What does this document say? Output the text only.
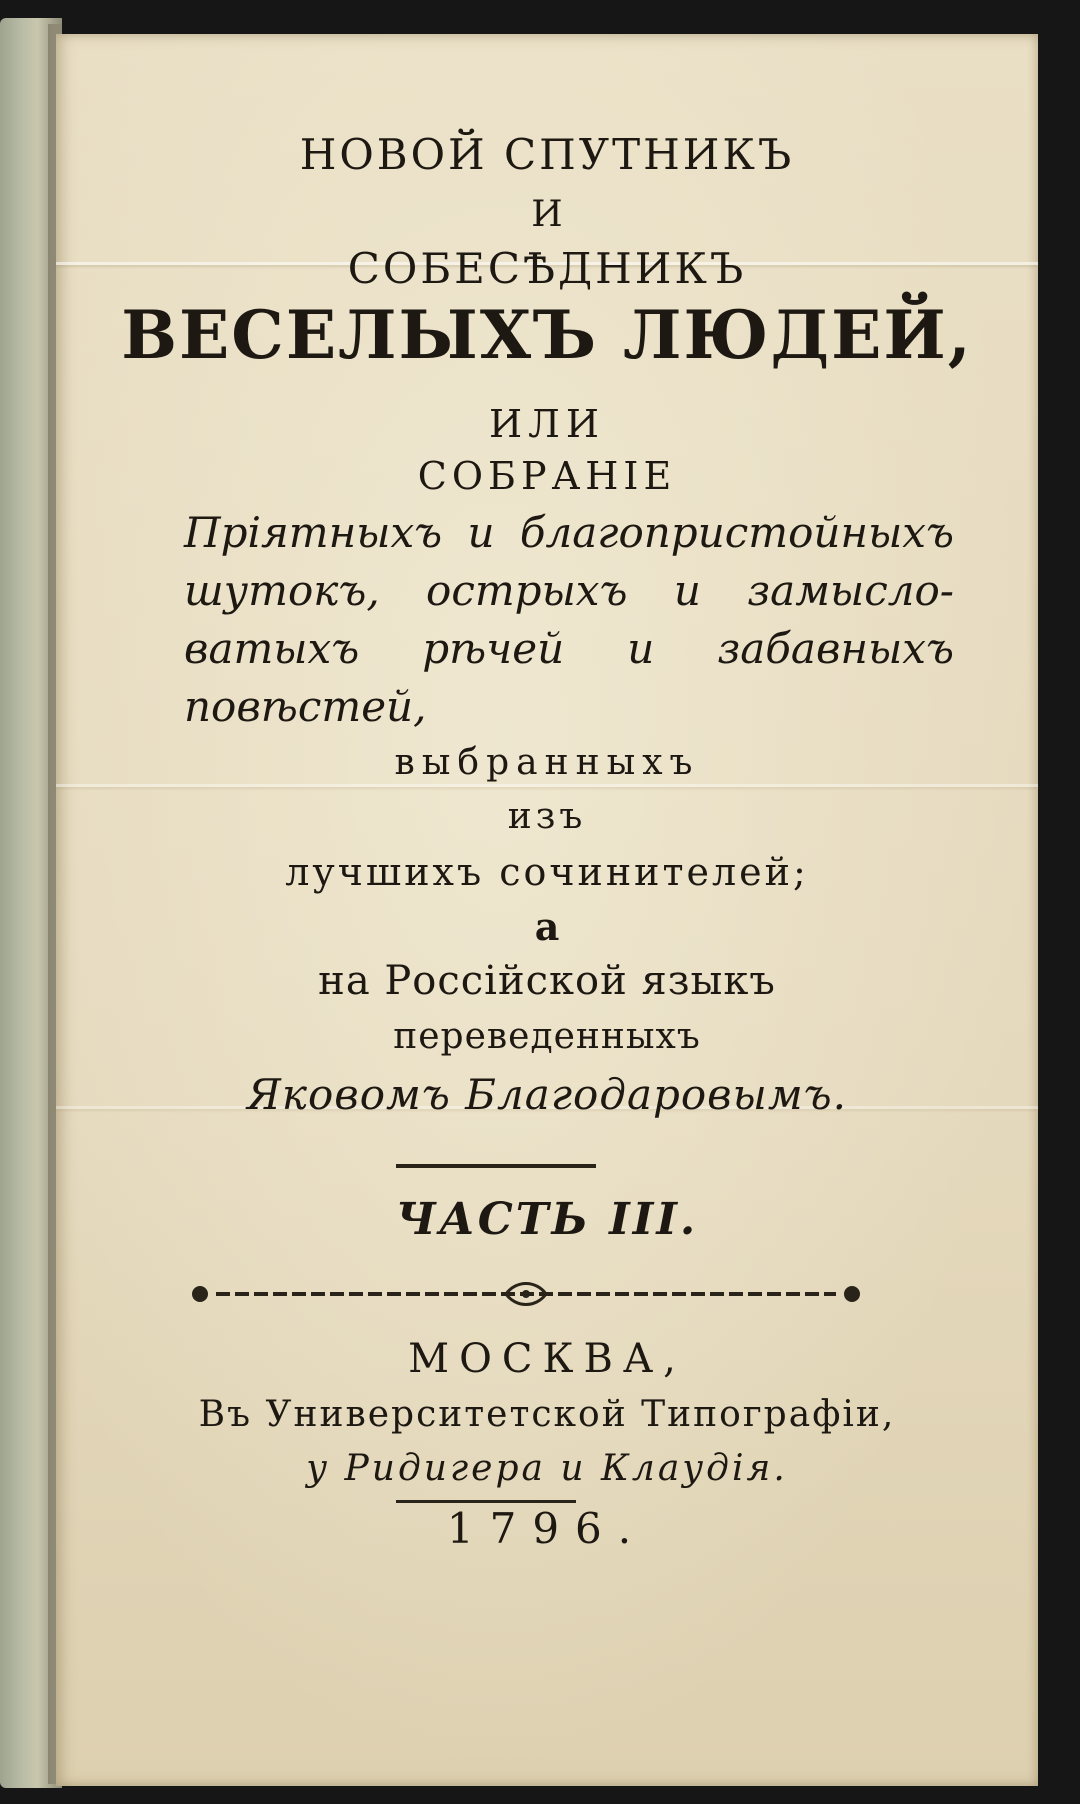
НОВОЙ СПУТНИКЪ
И
СОБЕСѢДНИКЪ
ВЕСЕЛЫХЪ ЛЮДЕЙ,
ИЛИ
СОБРАНІЕ
Пріятныхъ и благопристойныхъ
шутокъ, острыхъ и замысло-
ватыхъ рѣчей и забавныхъ
повѣстей,
выбранныхъ
изъ
лучшихъ сочинителей;
а
на Россійской языкъ
переведенныхъ
Яковомъ Благодаровымъ.
ЧАСТЬ III.
МОСКВА,
Въ Университетской Типографіи,
у Ридигера и Клаудія.
1796.
